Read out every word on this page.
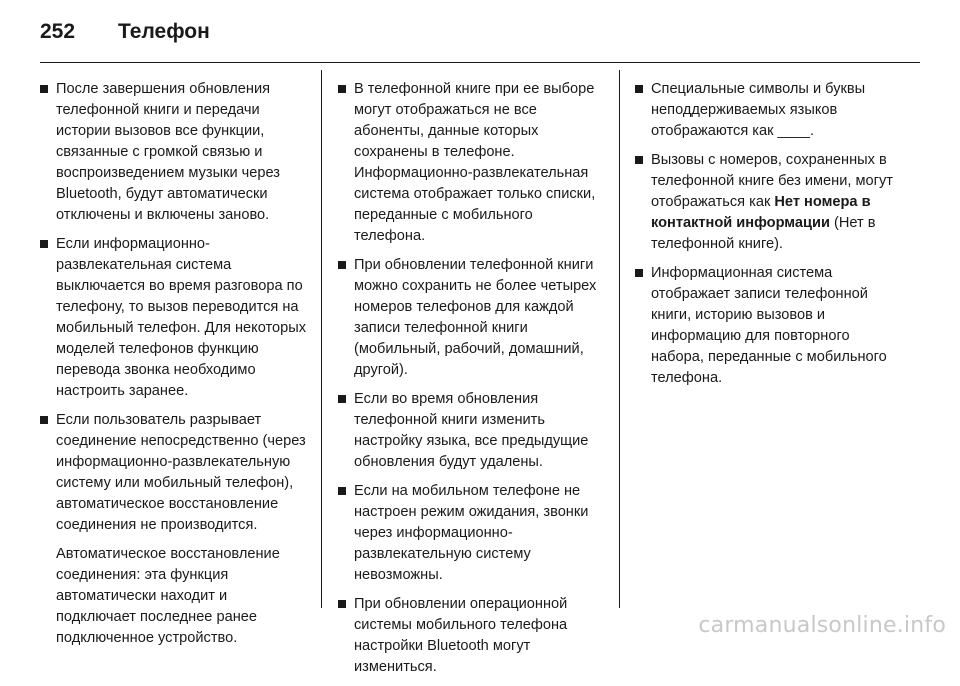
252	Телефон
После завершения обновления телефонной книги и передачи истории вызовов все функции, связанные с громкой связью и воспроизведением музыки через Bluetooth, будут автоматически отключены и включены заново.
Если информационно-развлекательная система выключается во время разговора по телефону, то вызов переводится на мобильный телефон. Для некоторых моделей телефонов функцию перевода звонка необходимо настроить заранее.
Если пользователь разрывает соединение непосредственно (через информационно-развлекательную систему или мобильный телефон), автоматическое восстановление соединения не производится.
Автоматическое восстановление соединения: эта функция автоматически находит и подключает последнее ранее подключенное устройство.
В телефонной книге при ее выборе могут отображаться не все абоненты, данные которых сохранены в телефоне. Информационно-развлекательная система отображает только списки, переданные с мобильного телефона.
При обновлении телефонной книги можно сохранить не более четырех номеров телефонов для каждой записи телефонной книги (мобильный, рабочий, домашний, другой).
Если во время обновления телефонной книги изменить настройку языка, все предыдущие обновления будут удалены.
Если на мобильном телефоне не настроен режим ожидания, звонки через информационно-развлекательную систему невозможны.
При обновлении операционной системы мобильного телефона настройки Bluetooth могут измениться.
Специальные символы и буквы неподдерживаемых языков отображаются как ____.
Вызовы с номеров, сохраненных в телефонной книге без имени, могут отображаться как Нет номера в контактной информации (Нет в телефонной книге).
Информационная система отображает записи телефонной книги, историю вызовов и информацию для повторного набора, переданные с мобильного телефона.
carmanualsonline.info
